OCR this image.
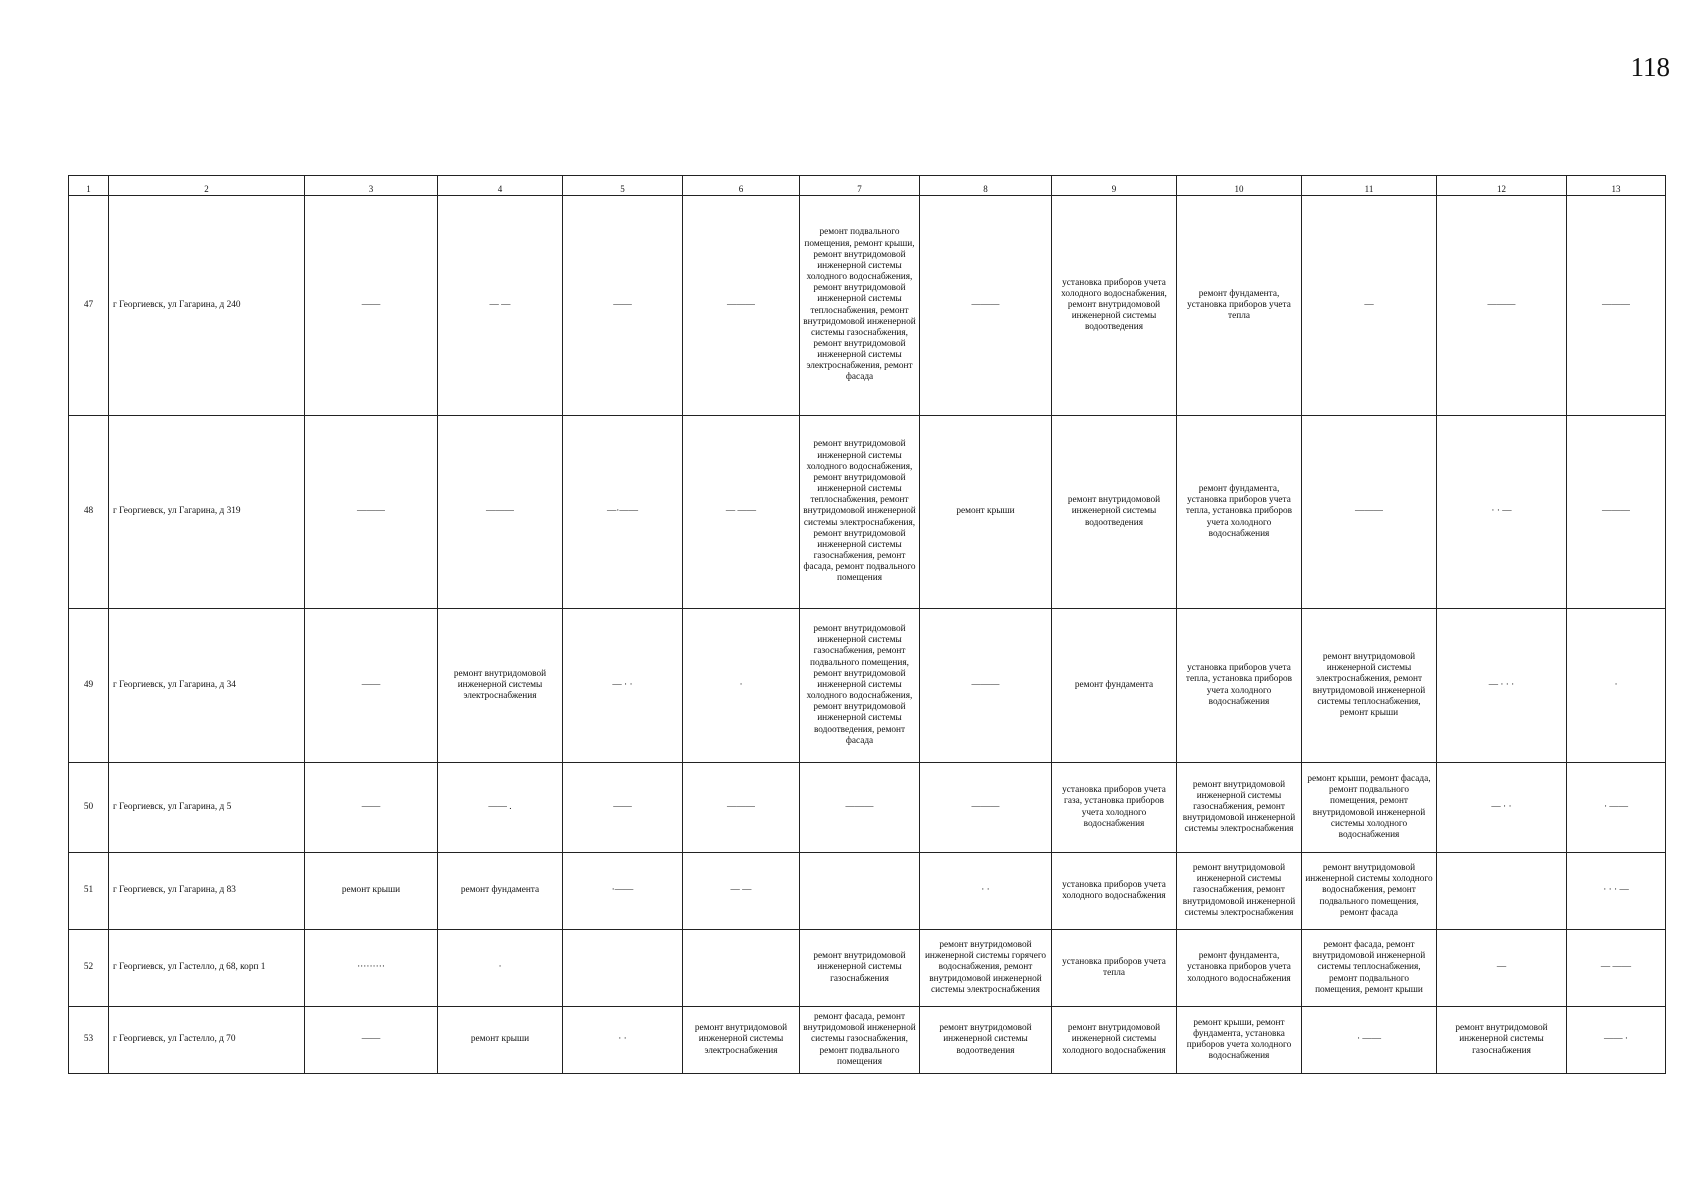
118
1	2	3	4	5	6	7	8	9	10	11	12	13
47	г Георгиевск, ул Гагарина, д 240	——	— —	——	———	ремонт подвального помещения, ремонт крыши, ремонт внутридомовой инженерной системы холодного водоснабжения, ремонт внутридомовой инженерной системы теплоснабжения, ремонт внутридомовой инженерной системы газоснабжения, ремонт внутридомовой инженерной системы электроснабжения, ремонт фасада	———	установка приборов учета холодного водоснабжения, ремонт внутридомовой инженерной системы водоотведения	ремонт фундамента, установка приборов учета тепла	—	———	———
48	г Георгиевск, ул Гагарина, д 319	———	———	—·——	— ——	ремонт внутридомовой инженерной системы холодного водоснабжения, ремонт внутридомовой инженерной системы теплоснабжения, ремонт внутридомовой инженерной системы электроснабжения, ремонт внутридомовой инженерной системы газоснабжения, ремонт фасада, ремонт подвального помещения	ремонт крыши	ремонт внутридомовой инженерной системы водоотведения	ремонт фундамента, установка приборов учета тепла, установка приборов учета холодного водоснабжения	———	· · —	———
49	г Георгиевск, ул Гагарина, д 34	——	ремонт внутридомовой инженерной системы электроснабжения	— · ·	·	ремонт внутридомовой инженерной системы газоснабжения, ремонт подвального помещения, ремонт внутридомовой инженерной системы холодного водоснабжения, ремонт внутридомовой инженерной системы водоотведения, ремонт фасада	———	ремонт фундамента	установка приборов учета тепла, установка приборов учета холодного водоснабжения	ремонт внутридомовой инженерной системы электроснабжения, ремонт внутридомовой инженерной системы теплоснабжения, ремонт крыши	— · · ·	·
50	г Георгиевск, ул Гагарина, д 5	——	—— .	——	———	———	———	установка приборов учета газа, установка приборов учета холодного водоснабжения	ремонт внутридомовой инженерной системы газоснабжения, ремонт внутридомовой инженерной системы электроснабжения	ремонт крыши, ремонт фасада, ремонт подвального помещения, ремонт внутридомовой инженерной системы холодного водоснабжения	— · ·	· ——
51	г Георгиевск, ул Гагарина, д 83	ремонт крыши	ремонт фундамента	·——	— —		· ·	установка приборов учета холодного водоснабжения	ремонт внутридомовой инженерной системы газоснабжения, ремонт внутридомовой инженерной системы электроснабжения	ремонт внутридомовой инженерной системы холодного водоснабжения, ремонт подвального помещения, ремонт фасада		· · · —
52	г Георгиевск, ул Гастелло, д 68, корп 1	·········	·			ремонт внутридомовой инженерной системы газоснабжения	ремонт внутридомовой инженерной системы горячего водоснабжения, ремонт внутридомовой инженерной системы электроснабжения	установка приборов учета тепла	ремонт фундамента, установка приборов учета холодного водоснабжения	ремонт фасада, ремонт внутридомовой инженерной системы теплоснабжения, ремонт подвального помещения, ремонт крыши	—	— ——
53	г Георгиевск, ул Гастелло, д 70	——	ремонт крыши	· ·	ремонт внутридомовой инженерной системы электроснабжения	ремонт фасада, ремонт внутридомовой инженерной системы газоснабжения, ремонт подвального помещения	ремонт внутридомовой инженерной системы водоотведения	ремонт внутридомовой инженерной системы холодного водоснабжения	ремонт крыши, ремонт фундамента, установка приборов учета холодного водоснабжения	· ——	ремонт внутридомовой инженерной системы газоснабжения	—— ·
